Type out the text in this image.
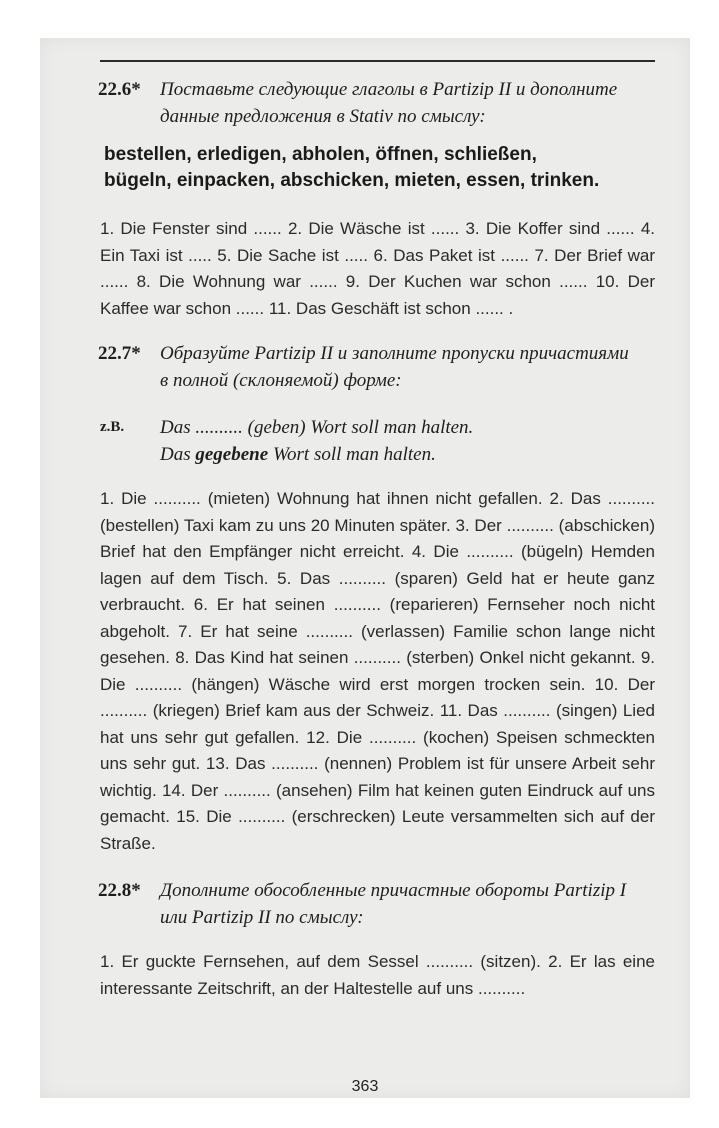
22.6* Поставьте следующие глаголы в Partizip II и дополните
данные предложения в Stativ по смыслу:
bestellen, erledigen, abholen, öffnen, schließen,
bügeln, einpacken, abschicken, mieten, essen, trinken.
1. Die Fenster sind ...... 2. Die Wäsche ist ...... 3. Die Koffer sind ...... 4. Ein Taxi ist ..... 5. Die Sache ist ..... 6. Das Paket ist ...... 7. Der Brief war ...... 8. Die Wohnung war ...... 9. Der Kuchen war schon ...... 10. Der Kaffee war schon ...... 11. Das Geschäft ist schon ...... .
22.7* Образуйте Partizip II и заполните пропуски причастиями
в полной (склоняемой) форме:
z.B. Das .......... (geben) Wort soll man halten.
Das gegebene Wort soll man halten.
1. Die .......... (mieten) Wohnung hat ihnen nicht gefallen. 2. Das .......... (bestellen) Taxi kam zu uns 20 Minuten später. 3. Der .......... (abschicken) Brief hat den Empfänger nicht erreicht. 4. Die .......... (bügeln) Hemden lagen auf dem Tisch. 5. Das .......... (sparen) Geld hat er heute ganz verbraucht. 6. Er hat seinen .......... (reparieren) Fernseher noch nicht abgeholt. 7. Er hat seine .......... (verlassen) Familie schon lange nicht gesehen. 8. Das Kind hat seinen .......... (sterben) Onkel nicht gekannt. 9. Die .......... (hängen) Wäsche wird erst morgen trocken sein. 10. Der .......... (kriegen) Brief kam aus der Schweiz. 11. Das .......... (singen) Lied hat uns sehr gut gefallen. 12. Die .......... (kochen) Speisen schmeckten uns sehr gut. 13. Das .......... (nennen) Problem ist für unsere Arbeit sehr wichtig. 14. Der .......... (ansehen) Film hat keinen guten Eindruck auf uns gemacht. 15. Die .......... (erschrecken) Leute versammelten sich auf der Straße.
22.8* Дополните обособленные причастные обороты Partizip I
или Partizip II по смыслу:
1. Er guckte Fernsehen, auf dem Sessel .......... (sitzen). 2. Er las eine interessante Zeitschrift, an der Haltestelle auf uns ..........
363
